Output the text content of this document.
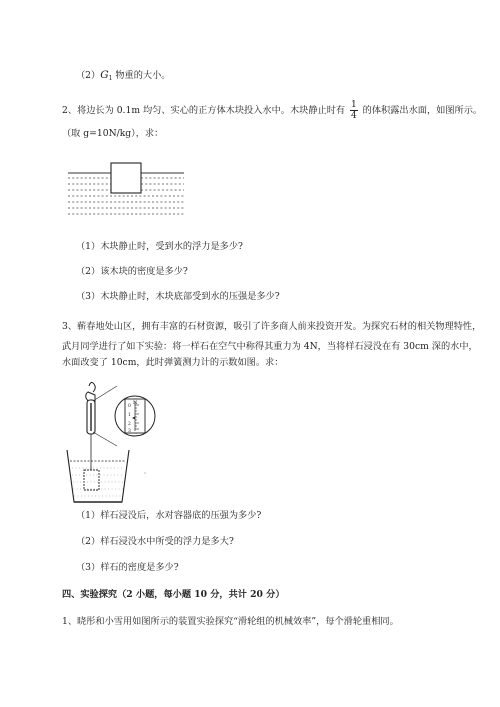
$(2)G_1$ 物重的大小。
2、将边长为 0.1m 均匀、实心的正方体木块投入水中。木块静止时有 $\frac{1}{4}$ 的体积露出水面，如图所示。
（取 g=10N/kg），求：
（1）木块静止时，受到水的浮力是多少?
（2）该木块的密度是多少?
（3）木块静止时，木块底部受到水的压强是多少?
3、蕲春地处山区，拥有丰富的石材资源，吸引了许多商人前来投资开发。为探究石材的相关物理特性，
武月同学进行了如下实验：将一样石在空气中称得其重力为 4N，当将样石浸没在有 30cm 深的水中，
水面改变了 10cm，此时弹簧测力计的示数如图。求：
N
0
1
2
3
（1）样石浸没后，水对容器底的压强为多少?
（2）样石浸没水中所受的浮力是多大?
（3）样石的密度是多少?
四、实验探究（2 小题，每小题 10 分，共计 20 分）
1、晓彤和小雪用如图所示的装置实验探究“滑轮组的机械效率”，每个滑轮重相同。
